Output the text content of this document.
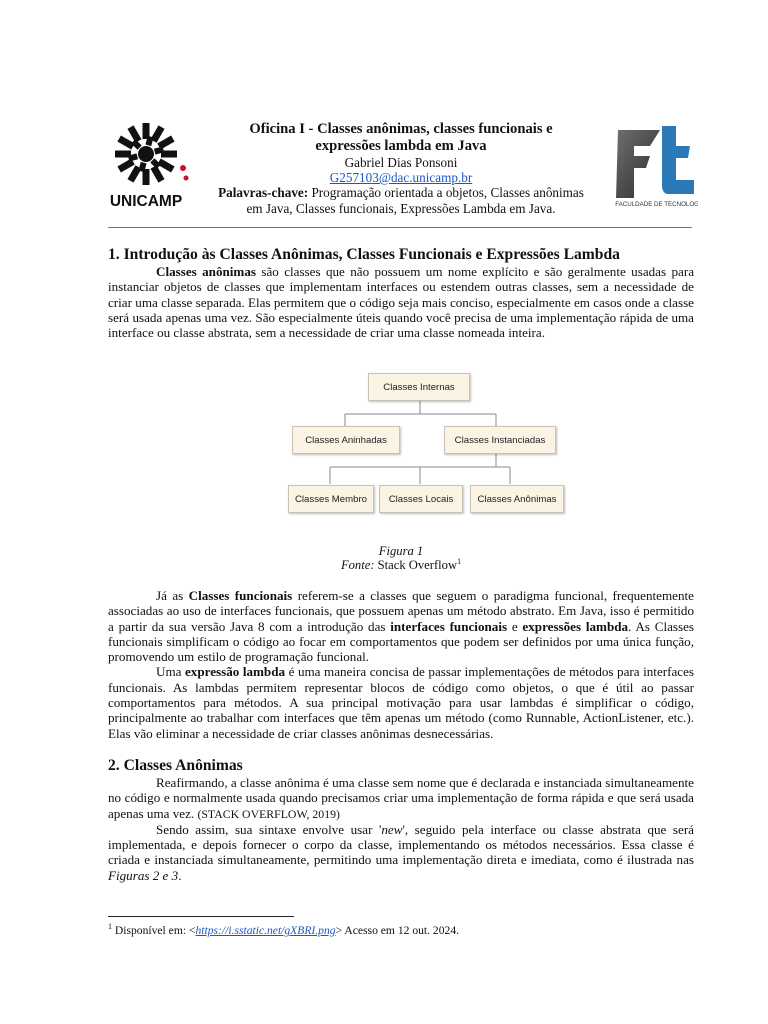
UNICAMP
Oficina I - Classes anônimas, classes funcionais e
expressões lambda em Java
Gabriel Dias Ponsoni
G257103@dac.unicamp.br
Palavras-chave: Programação orientada a objetos, Classes anônimas
em Java, Classes funcionais, Expressões Lambda em Java.	FACULDADE DE TECNOLOGIA
1. Introdução às Classes Anônimas, Classes Funcionais e Expressões Lambda

Classes anônimas são classes que não possuem um nome explícito e são geralmente usadas para instanciar objetos de classes que implementam interfaces ou estendem outras classes, sem a necessidade de criar uma classe separada. Elas permitem que o código seja mais conciso, especialmente em casos onde a classe será usada apenas uma vez. São especialmente úteis quando você precisa de uma implementação rápida de uma interface ou classe abstrata, sem a necessidade de criar uma classe nomeada inteira.

Classes Internas
Classes Aninhadas	Classes Instanciadas
Classes Membro	Classes Locais	Classes Anônimas
Figura 1
Fonte: Stack Overflow$^1$

Já as Classes funcionais referem-se a classes que seguem o paradigma funcional, frequentemente associadas ao uso de interfaces funcionais, que possuem apenas um método abstrato. Em Java, isso é permitido a partir da sua versão Java 8 com a introdução das interfaces funcionais e expressões lambda. As Classes funcionais simplificam o código ao focar em comportamentos que podem ser definidos por uma única função, promovendo um estilo de programação funcional.

Uma expressão lambda é uma maneira concisa de passar implementações de métodos para interfaces funcionais. As lambdas permitem representar blocos de código como objetos, o que é útil ao passar comportamentos para métodos. A sua principal motivação para usar lambdas é simplificar o código, principalmente ao trabalhar com interfaces que têm apenas um método (como Runnable, ActionListener, etc.). Elas vão eliminar a necessidade de criar classes anônimas desnecessárias.

2. Classes Anônimas

Reafirmando, a classe anônima é uma classe sem nome que é declarada e instanciada simultaneamente no código e normalmente usada quando precisamos criar uma implementação de forma rápida e que será usada apenas uma vez. (STACK OVERFLOW, 2019)

Sendo assim, sua sintaxe envolve usar 'new', seguido pela interface ou classe abstrata que será implementada, e depois fornecer o corpo da classe, implementando os métodos necessários. Essa classe é criada e instanciada simultaneamente, permitindo uma implementação direta e imediata, como é ilustrada nas Figuras 2 e 3.

$^1$ Disponível em: <https://i.sstatic.net/gXBRI.png> Acesso em 12 out. 2024.
